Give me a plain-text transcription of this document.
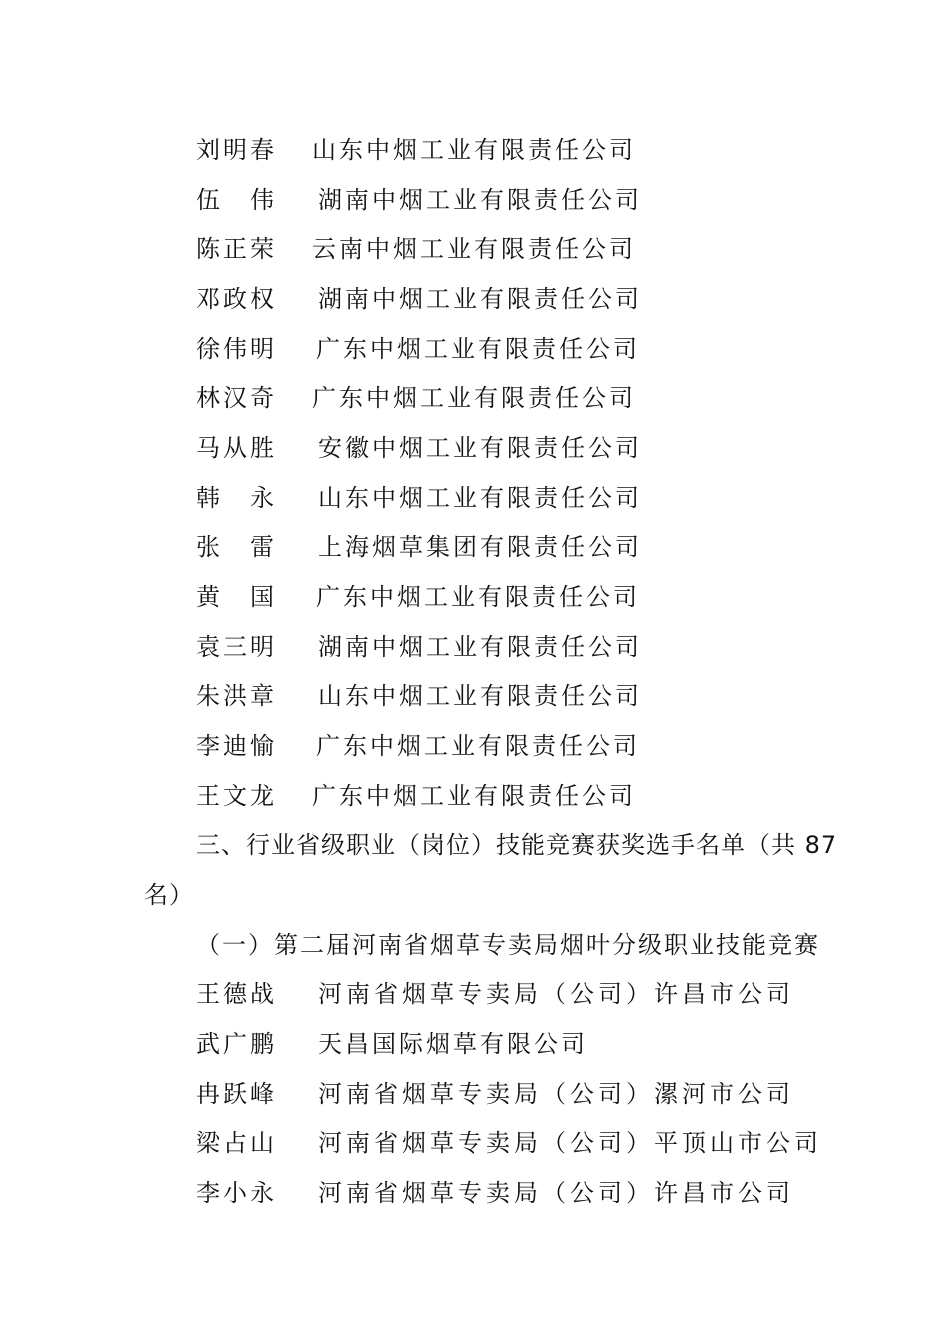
刘明春	山东中烟工业有限责任公司
伍　伟	湖南中烟工业有限责任公司
陈正荣	云南中烟工业有限责任公司
邓政权	湖南中烟工业有限责任公司
徐伟明	广东中烟工业有限责任公司
林汉奇	广东中烟工业有限责任公司
马从胜	安徽中烟工业有限责任公司
韩　永	山东中烟工业有限责任公司
张　雷	上海烟草集团有限责任公司
黄　国	广东中烟工业有限责任公司
袁三明	湖南中烟工业有限责任公司
朱洪章	山东中烟工业有限责任公司
李迪愉	广东中烟工业有限责任公司
王文龙	广东中烟工业有限责任公司
三、行业省级职业（岗位）技能竞赛获奖选手名单（共 87
名）
（一）第二届河南省烟草专卖局烟叶分级职业技能竞赛
王德战	河南省烟草专卖局（公司）许昌市公司
武广鹏	天昌国际烟草有限公司
冉跃峰	河南省烟草专卖局（公司）漯河市公司
梁占山	河南省烟草专卖局（公司）平顶山市公司
李小永	河南省烟草专卖局（公司）许昌市公司
